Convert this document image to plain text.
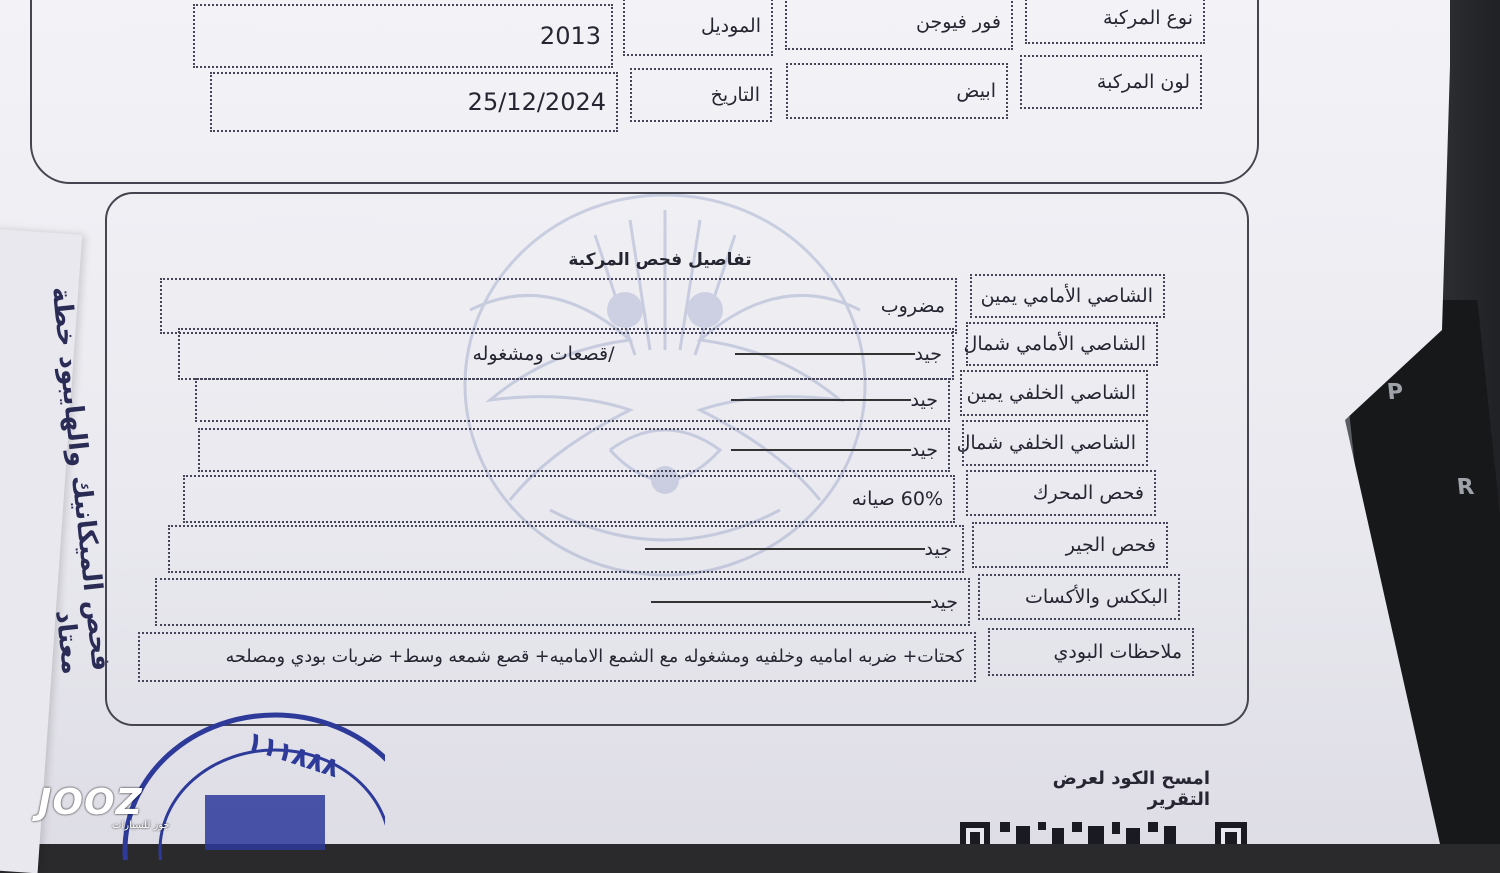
P
R
فحص الميكانيك والهايبود خطة معتاد
نوع المركبة
فور فيوجن
الموديل
2013
لون المركبة
ابيض
التاريخ
25/12/2024
تفاصيل فحص المركبة
الشاصي الأمامي يمين
مضروب
الشاصي الأمامي شمال
جيد
/قصعات ومشغوله
الشاصي الخلفي يمين
جيد
الشاصي الخلفي شمال
جيد
فحص المحرك
60% صيانه
فحص الجير
جيد
البككس والأكسات
جيد
ملاحظات البودي
كحتات+ ضربه اماميه وخلفيه ومشغوله مع الشمع الاماميه+ قصع شمعه وسط+ ضربات بودي ومصلحه
امسح الكود لعرض التقرير
١١١٨٨٨
JOOZ
جوز للسيارات
